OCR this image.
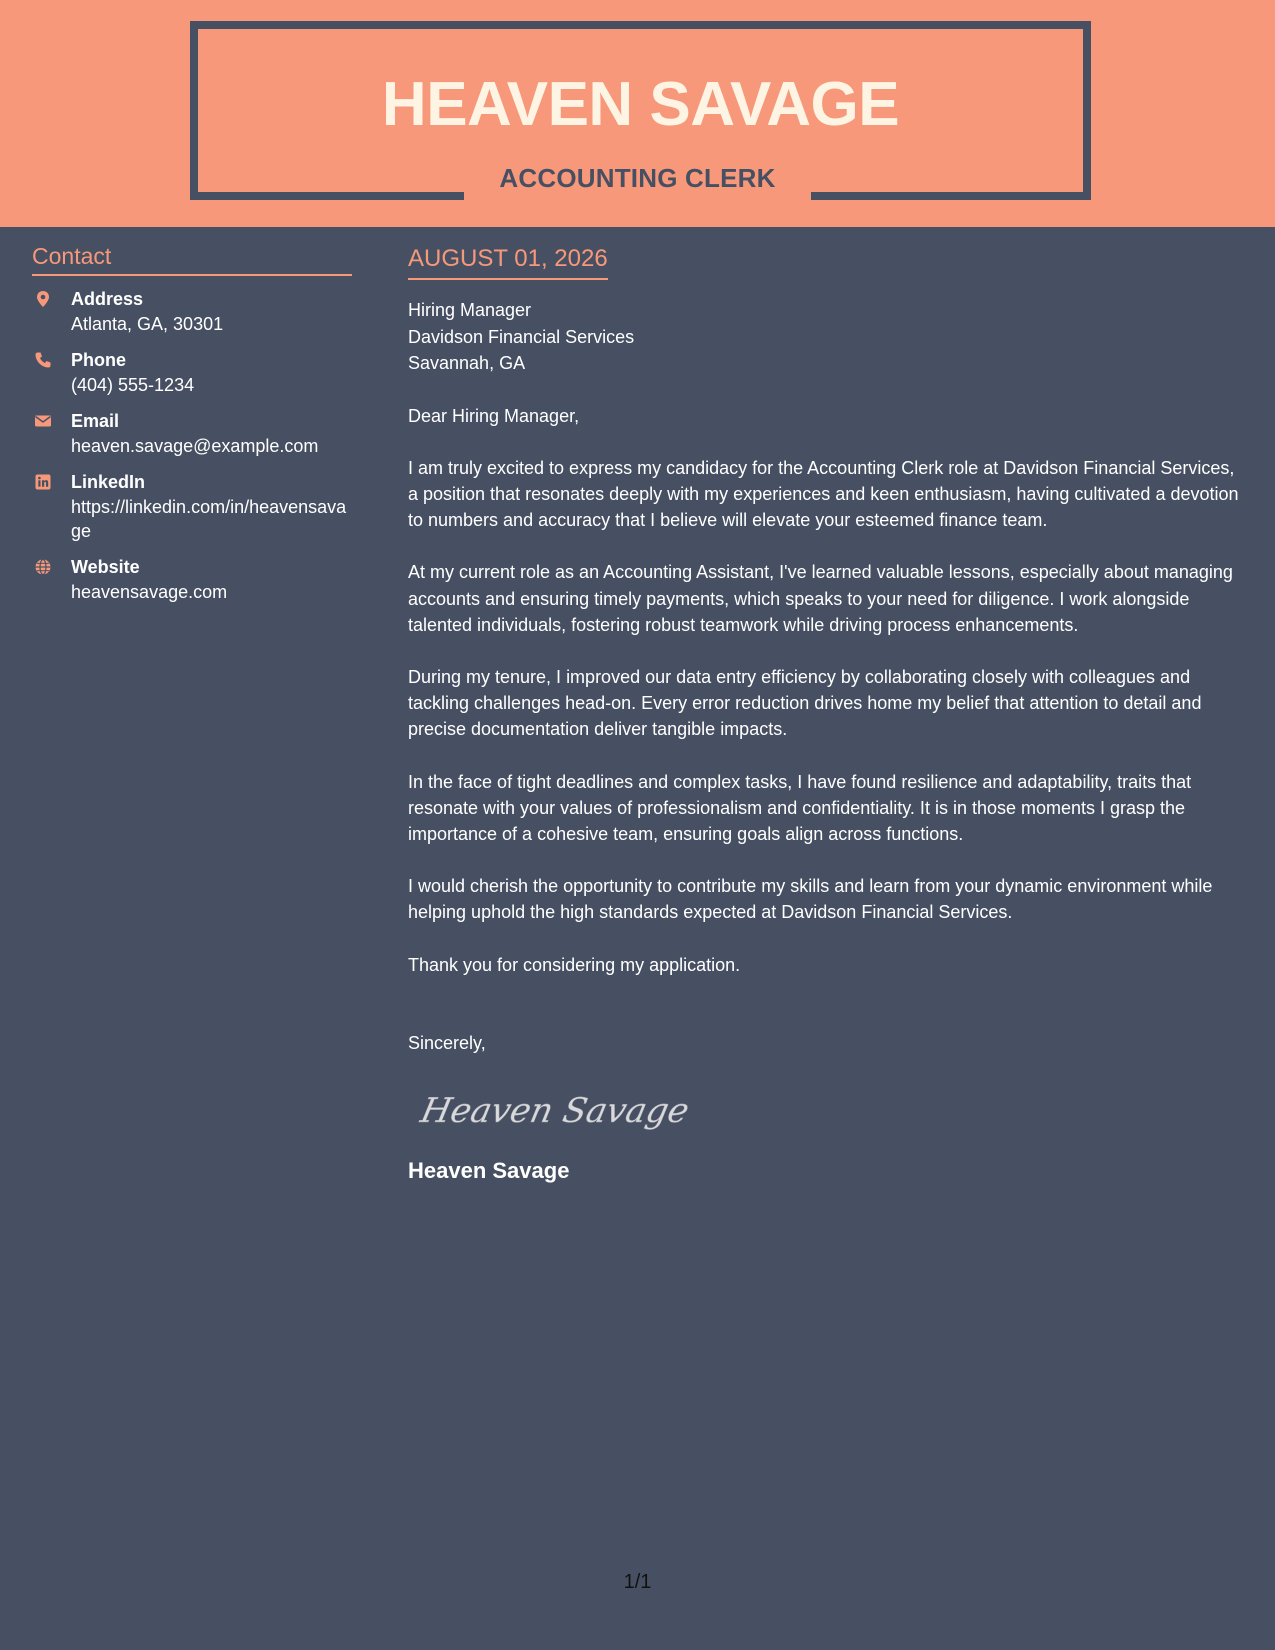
HEAVEN SAVAGE
ACCOUNTING CLERK
Contact
Address
Atlanta, GA, 30301
Phone
(404) 555-1234
Email
heaven.savage@example.com
LinkedIn
https://linkedin.com/in/heavensavage
Website
heavensavage.com
AUGUST 01, 2026
Hiring Manager
Davidson Financial Services
Savannah, GA

Dear Hiring Manager,

I am truly excited to express my candidacy for the Accounting Clerk role at Davidson Financial Services, a position that resonates deeply with my experiences and keen enthusiasm, having cultivated a devotion to numbers and accuracy that I believe will elevate your esteemed finance team.

At my current role as an Accounting Assistant, I've learned valuable lessons, especially about managing accounts and ensuring timely payments, which speaks to your need for diligence. I work alongside talented individuals, fostering robust teamwork while driving process enhancements.

During my tenure, I improved our data entry efficiency by collaborating closely with colleagues and tackling challenges head-on. Every error reduction drives home my belief that attention to detail and precise documentation deliver tangible impacts.

In the face of tight deadlines and complex tasks, I have found resilience and adaptability, traits that resonate with your values of professionalism and confidentiality. It is in those moments I grasp the importance of a cohesive team, ensuring goals align across functions.

I would cherish the opportunity to contribute my skills and learn from your dynamic environment while helping uphold the high standards expected at Davidson Financial Services.

Thank you for considering my application.

Sincerely,

Heaven Savage
Heaven Savage
1/1
